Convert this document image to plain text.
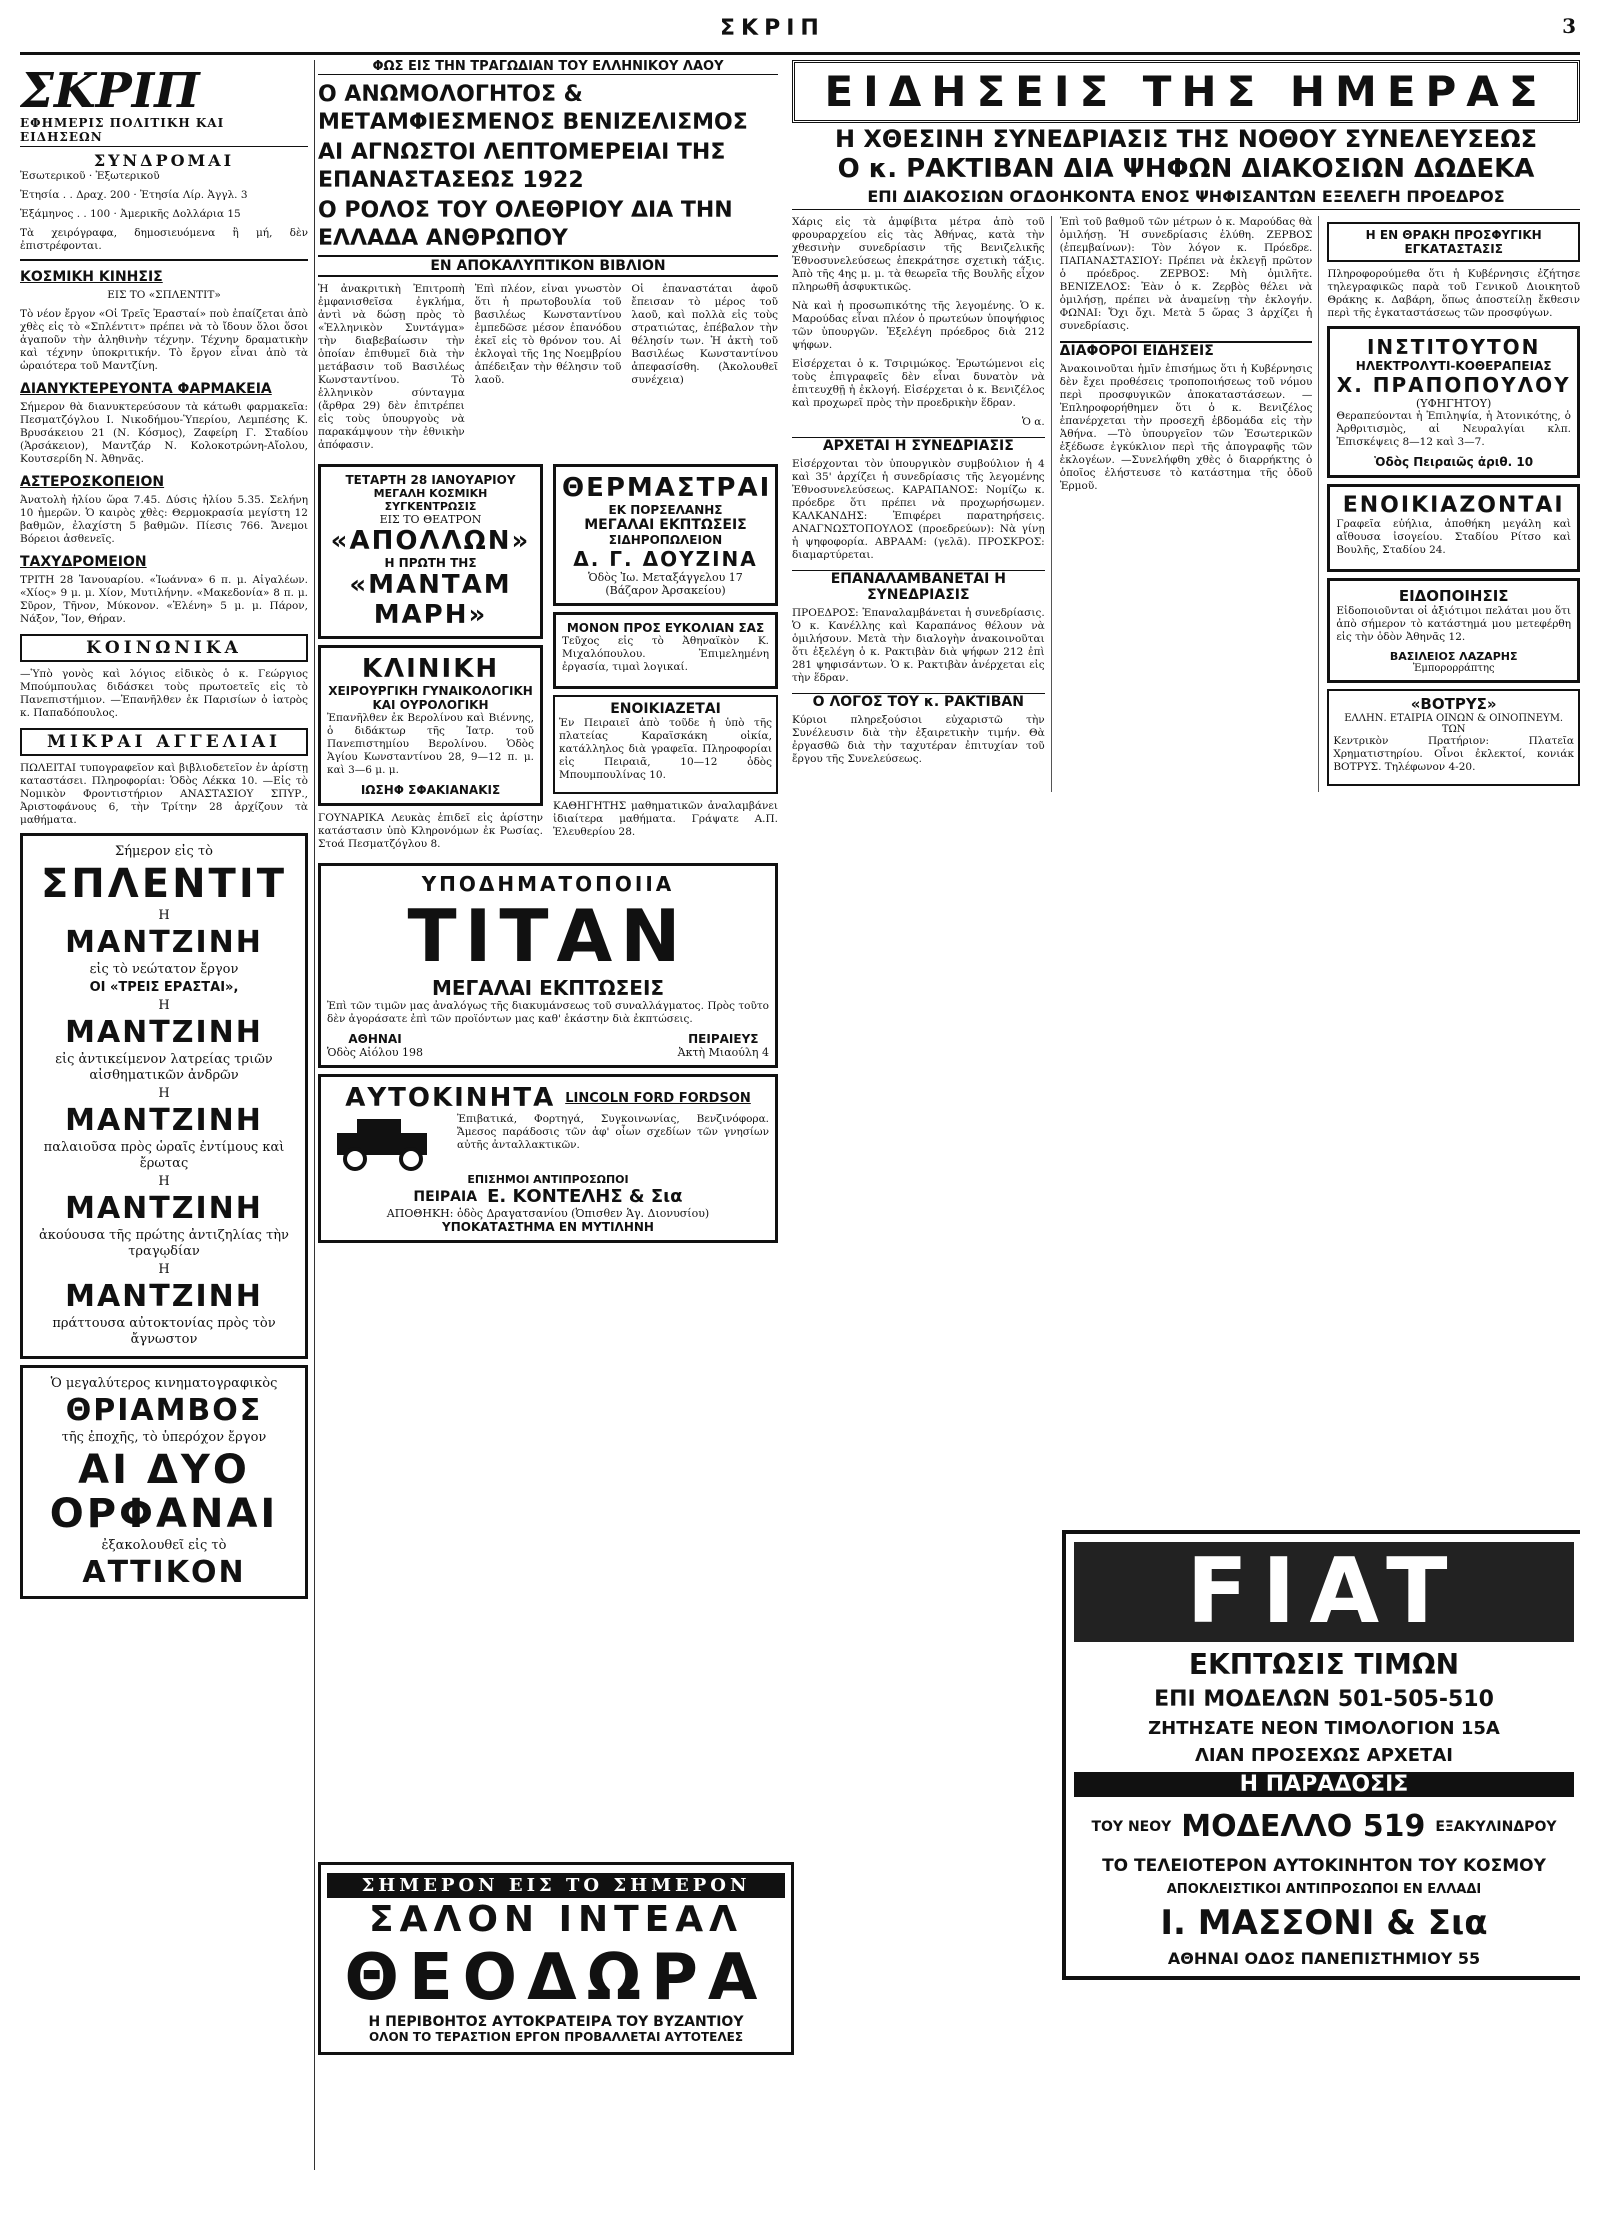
ΣΚΡΙΠ	3
ΣΚΡΙΠ
ΕΦΗΜΕΡΙΣ ΠΟΛΙΤΙΚΗ ΚΑΙ ΕΙΔΗΣΕΩΝ
ΣΥΝΔΡΟΜΑΙ
Ἐσωτερικοῦ · Ἐξωτερικοῦ
Ἐτησία . . Δραχ. 200 · Ἐτησία Λίρ. Ἀγγλ. 3
Ἑξάμηνος . . 100 · Ἀμερικῆς Δολλάρια 15
Τὰ χειρόγραφα, δημοσιευόμενα ἢ μή, δὲν ἐπιστρέφονται.
ΚΟΣΜΙΚΗ ΚΙΝΗΣΙΣ
ΕΙΣ ΤΟ «ΣΠΛΕΝΤΙΤ»

Τὸ νέον ἔργον «Οἱ Τρεῖς Ἐρασταί» ποὺ ἐπαίζεται ἀπὸ χθὲς εἰς τὸ «Σπλέντιτ» πρέπει νὰ τὸ ἴδουν ὅλοι ὅσοι ἀγαποῦν τὴν ἀληθινὴν τέχνην. Τέχνην δραματικὴν καὶ τέχνην ὑποκριτικήν. Τὸ ἔργον εἶναι ἀπὸ τὰ ὡραιότερα τοῦ Μαντζίνη.

ΔΙΑΝΥΚΤΕΡΕΥΟΝΤΑ ΦΑΡΜΑΚΕΙΑ

Σήμερον θὰ διανυκτερεύσουν τὰ κάτωθι φαρμακεῖα: Πεσματζόγλου Ι. Νικοδήμου-Ὑπερίου, Λεμπέσης Κ. Βρυσάκειου 21 (Ν. Κόσμος), Ζαφείρη Γ. Σταδίου (Ἁρσάκειον), Μαντζάρ Ν. Κολοκοτρώνη-Αἴολου, Κουτσερίδη Ν. Ἀθηνᾶς.

ΑΣΤΕΡΟΣΚΟΠΕΙΟΝ

Ἀνατολὴ ἡλίου ὥρα 7.45. Δύσις ἡλίου 5.35. Σελήνη 10 ἡμερῶν. Ὁ καιρὸς χθὲς: Θερμοκρασία μεγίστη 12 βαθμῶν, ἐλαχίστη 5 βαθμῶν. Πίεσις 766. Ἄνεμοι Βόρειοι ἀσθενεῖς.

ΤΑΧΥΔΡΟΜΕΙΟΝ

ΤΡΙΤΗ 28 Ἰανουαρίου. «Ἰωάννα» 6 π. μ. Αἰγαλέων. «Χίος» 9 μ. μ. Χίον, Μυτιλήνην. «Μακεδονία» 8 π. μ. Σῦρον, Τῆνον, Μύκονον. «Ἑλένη» 5 μ. μ. Πάρον, Νάξον, Ἴον, Θήραν.

ΚΟΙΝΩΝΙΚΑ

—Ὑπὸ γονὸς καὶ λόγιος εἰδικὸς ὁ κ. Γεώργιος Μπούμπουλας διδάσκει τοὺς πρωτοετεῖς εἰς τὸ Πανεπιστήμιον. —Ἐπανῆλθεν ἐκ Παρισίων ὁ ἰατρὸς κ. Παπαδόπουλος.

ΜΙΚΡΑΙ ΑΓΓΕΛΙΑΙ

ΠΩΛΕΙΤΑΙ τυπογραφεῖον καὶ βιβλιοδετεῖον ἐν ἀρίστῃ καταστάσει. Πληροφορίαι: Ὁδὸς Λέκκα 10. —Εἰς τὸ Νομικὸν Φροντιστήριον ΑΝΑΣΤΑΣΙΟΥ ΣΠΥΡ., Ἀριστοφάνους 6, τὴν Τρίτην 28 ἀρχίζουν τὰ μαθήματα.

Σήμερον εἰς τὸ
ΣΠΛΕΝΤΙΤ
Η
ΜΑΝΤΖΙΝΗ
εἰς τὸ νεώτατον ἔργον
ΟΙ «ΤΡΕΙΣ ΕΡΑΣΤΑΙ»,
Η
ΜΑΝΤΖΙΝΗ
εἰς ἀντικείμενον λατρείας τριῶν αἰσθηματικῶν ἀνδρῶν
Η
ΜΑΝΤΖΙΝΗ
παλαιοῦσα πρὸς ὡραῖς ἐντίμους καὶ ἔρωτας
Η
ΜΑΝΤΖΙΝΗ
ἀκούουσα τῆς πρώτης ἀντιζηλίας τὴν τραγῳδίαν
Η
ΜΑΝΤΖΙΝΗ
πράττουσα αὐτοκτονίας πρὸς τὸν ἄγνωστον
Ὁ μεγαλύτερος κινηματογραφικὸς
ΘΡΙΑΜΒΟΣ
τῆς ἐποχῆς, τὸ ὑπερόχον ἔργον
ΑΙ ΔΥΟ
ΟΡΦΑΝΑΙ
ἐξακολουθεῖ εἰς τὸ
ΑΤΤΙΚΟΝ
ΦΩΣ ΕΙΣ ΤΗΝ ΤΡΑΓΩΔΙΑΝ ΤΟΥ ΕΛΛΗΝΙΚΟΥ ΛΑΟΥ
Ο ΑΝΩΜΟΛΟΓΗΤΟΣ & ΜΕΤΑΜΦΙΕΣΜΕΝΟΣ ΒΕΝΙΖΕΛΙΣΜΟΣ
ΑΙ ΑΓΝΩΣΤΟΙ ΛΕΠΤΟΜΕΡΕΙΑΙ ΤΗΣ ΕΠΑΝΑΣΤΑΣΕΩΣ 1922
Ο ΡΟΛΟΣ ΤΟΥ ΟΛΕΘΡΙΟΥ ΔΙΑ ΤΗΝ ΕΛΛΑΔΑ ΑΝΘΡΩΠΟΥ
ΕΝ ΑΠΟΚΑΛΥΠΤΙΚΟΝ ΒΙΒΛΙΟΝ

Ἡ ἀνακριτικὴ Ἐπιτροπὴ ἐμφανισθεῖσα ἐγκλήμα, ἀντὶ νὰ δώσῃ πρὸς τὸ «Ἑλληνικὸν Συντάγμα» τὴν διαβεβαίωσιν τὴν ὁποίαν ἐπιθυμεῖ διὰ τὴν μετάβασιν τοῦ Βασιλέως Κωνσταντίνου. Τὸ ἑλληνικὸν σύνταγμα (ἄρθρα 29) δὲν ἐπιτρέπει εἰς τοὺς ὑπουργοὺς νὰ παρακάμψουν τὴν ἐθνικὴν ἀπόφασιν.

Ἐπὶ πλέον, εἶναι γνωστὸν ὅτι ἡ πρωτοβουλία τοῦ βασιλέως Κωνσταντίνου ἐμπεδῶσε μέσον ἐπανόδου ἐκεῖ εἰς τὸ θρόνον του. Αἱ ἐκλογαὶ τῆς 1ης Νοεμβρίου ἀπέδειξαν τὴν θέλησιν τοῦ λαοῦ.

Οἱ ἐπαναστάται ἀφοῦ ἔπεισαν τὸ μέρος τοῦ λαοῦ, καὶ πολλὰ εἰς τοὺς στρατιώτας, ἐπέβαλον τὴν θέλησίν των. Ἡ ἀκτὴ τοῦ Βασιλέως Κωνσταντίνου ἀπεφασίσθη. (Ἀκολουθεῖ συνέχεια)

ΤΕΤΑΡΤΗ 28 ΙΑΝΟΥΑΡΙΟΥ
ΜΕΓΑΛΗ ΚΟΣΜΙΚΗ ΣΥΓΚΕΝΤΡΩΣΙΣ
ΕΙΣ ΤΟ ΘΕΑΤΡΟΝ
«ΑΠΟΛΛΩΝ»
Η ΠΡΩΤΗ ΤΗΣ
«ΜΑΝΤΑΜ ΜΑΡΗ»
ΚΛΙΝΙΚΗ
ΧΕΙΡΟΥΡΓΙΚΗ ΓΥΝΑΙΚΟΛΟΓΙΚΗ ΚΑΙ ΟΥΡΟΛΟΓΙΚΗ

Ἐπανῆλθεν ἐκ Βερολίνου καὶ Βιέννης, ὁ διδάκτωρ τῆς Ἰατρ. τοῦ Πανεπιστημίου Βερολίνου. Ὁδὸς Ἁγίου Κωνσταντίνου 28, 9—12 π. μ. καὶ 3—6 μ. μ.

ΙΩΣΗΦ ΣΦΑΚΙΑΝΑΚΙΣ

ΓΟΥΝΑΡΙΚΑ Λευκὰς ἐπιδεῖ εἰς ἀρίστην κατάστασιν ὑπὸ Κληρονόμων ἐκ Ρωσίας. Στοά Πεσματζόγλου 8.

ΘΕΡΜΑΣΤΡΑΙ
ΕΚ ΠΟΡΣΕΛΑΝΗΣ
ΜΕΓΑΛΑΙ ΕΚΠΤΩΣΕΙΣ
ΣΙΔΗΡΟΠΩΛΕΙΟΝ
Δ. Γ. ΔΟΥΖΙΝΑ
Ὁδὸς Ἰω. Μεταξάγγελου 17 (Βάζαρον Ἀρσακείου)
ΜΟΝΟΝ ΠΡΟΣ ΕΥΚΟΛΙΑΝ ΣΑΣ

Τεῦχος εἰς τὸ Ἀθηναϊκὸν Κ. Μιχαλόπουλου. Ἐπιμελημένη ἐργασία, τιμαὶ λογικαί.

ΕΝΟΙΚΙΑΖΕΤΑΙ

Ἐν Πειραιεῖ ἀπὸ τοῦδε ἡ ὑπὸ τῆς πλατείας Καραϊσκάκη οἰκία, κατάλληλος διὰ γραφεῖα. Πληροφορίαι εἰς Πειραιᾶ, 10—12 ὁδὸς Μπουμπουλίνας 10.

ΚΑΘΗΓΗΤΗΣ μαθηματικῶν ἀναλαμβάνει ἰδιαίτερα μαθήματα. Γράψατε Α.Π. Ἐλευθερίου 28.

ΥΠΟΔΗΜΑΤΟΠΟΙΙΑ
ΤΙΤΑΝ
ΜΕΓΑΛΑΙ ΕΚΠΤΩΣΕΙΣ

Ἐπὶ τῶν τιμῶν μας ἀναλόγως τῆς διακυμάνσεως τοῦ συναλλάγματος. Πρὸς τοῦτο δὲν ἀγοράσατε ἐπὶ τῶν προϊόντων μας καθ' ἑκάστην διὰ ἐκπτώσεις.

ΑΘΗΝΑΙ
Ὁδὸς Αἰόλου 198
ΠΕΙΡΑΙΕΥΣ
Ἀκτὴ Μιαούλη 4
ΑΥΤΟΚΙΝΗΤΑ LINCOLN FORD FORDSON

Ἐπιβατικά, Φορτηγά, Συγκοινωνίας, Βενζινόφορα. Ἄμεσος παράδοσις τῶν ἀφ' οἷων σχεδίων τῶν γνησίων αὐτῆς ἀνταλλακτικῶν.

ΕΠΙΣΗΜΟΙ ΑΝΤΙΠΡΟΣΩΠΟΙ
ΠΕΙΡΑΙΑ Ε. ΚΟΝΤΕΛΗΣ & Σια
ΑΠΟΘΗΚΗ: ὁδὸς Δραγατσανίου (Ὀπισθεν Ἁγ. Διονυσίου)
ΥΠΟΚΑΤΑΣΤΗΜΑ ΕΝ ΜΥΤΙΛΗΝΗ
ΕΙΔΗΣΕΙΣ ΤΗΣ ΗΜΕΡΑΣ
Η ΧΘΕΣΙΝΗ ΣΥΝΕΔΡΙΑΣΙΣ ΤΗΣ ΝΟΘΟΥ ΣΥΝΕΛΕΥΣΕΩΣ
Ο κ. ΡΑΚΤΙΒΑΝ ΔΙΑ ΨΗΦΩΝ ΔΙΑΚΟΣΙΩΝ ΔΩΔΕΚΑ
ΕΠΙ ΔΙΑΚΟΣΙΩΝ ΟΓΔΟΗΚΟΝΤΑ ΕΝΟΣ ΨΗΦΙΣΑΝΤΩΝ ΕΞΕΛΕΓΗ ΠΡΟΕΔΡΟΣ

Χάρις εἰς τὰ ἀμφίβιτα μέτρα ἀπὸ τοῦ φρουραρχείου εἰς τὰς Ἀθήνας, κατὰ τὴν χθεσινὴν συνεδρίασιν τῆς Βενιζελικῆς Ἐθνοσυνελεύσεως ἐπεκράτησε σχετικὴ τάξις. Ἀπὸ τῆς 4ης μ. μ. τὰ θεωρεῖα τῆς Βουλῆς εἶχον πληρωθῆ ἀσφυκτικῶς.

Νὰ καὶ ἡ προσωπικότης τῆς λεγομένης. Ὁ κ. Μαρούδας εἶναι πλέον ὁ πρωτεύων ὑποψήφιος τῶν ὑπουργῶν. Ἐξελέγη πρόεδρος διὰ 212 ψήφων.

Εἰσέρχεται ὁ κ. Τσιριμώκος. Ἐρωτώμενοι εἰς τοὺς ἐπιγραφεῖς δὲν εἶναι δυνατὸν νὰ ἐπιτευχθῇ ἡ ἐκλογή. Εἰσέρχεται ὁ κ. Βενιζέλος καὶ προχωρεῖ πρὸς τὴν προεδρικὴν ἕδραν.

Ὁ α.
ΑΡΧΕΤΑΙ Η ΣΥΝΕΔΡΙΑΣΙΣ

Εἰσέρχονται τὸν ὑπουργικὸν συμβούλιον ἡ 4 καὶ 35' ἀρχίζει ἡ συνεδρίασις τῆς λεγομένης Ἐθνοσυνελεύσεως. ΚΑΡΑΠΑΝΟΣ: Νομίζω κ. πρόεδρε ὅτι πρέπει νὰ προχωρήσωμεν. ΚΑΛΚΑΝΔΗΣ: Ἐπιφέρει παρατηρήσεις. ΑΝΑΓΝΩΣΤΟΠΟΥΛΟΣ (προεδρεύων): Νὰ γίνῃ ἡ ψηφοφορία. ΑΒΡΑΑΜ: (γελᾶ). ΠΡΟΣΚΡΟΣ: διαμαρτύρεται.

ΕΠΑΝΑΛΑΜΒΑΝΕΤΑΙ Η ΣΥΝΕΔΡΙΑΣΙΣ

ΠΡΟΕΔΡΟΣ: Ἐπαναλαμβάνεται ἡ συνεδρίασις. Ὁ κ. Κανέλλης καὶ Καραπάνος θέλουν νὰ ὁμιλήσουν. Μετὰ τὴν διαλογὴν ἀνακοινοῦται ὅτι ἐξελέγη ὁ κ. Ρακτιβὰν διὰ ψήφων 212 ἐπὶ 281 ψηφισάντων. Ὁ κ. Ρακτιβὰν ἀνέρχεται εἰς τὴν ἕδραν.

Ο ΛΟΓΟΣ ΤΟΥ κ. ΡΑΚΤΙΒΑΝ

Κύριοι πληρεξούσιοι εὐχαριστῶ τὴν Συνέλευσιν διὰ τὴν ἐξαιρετικὴν τιμήν. Θὰ ἐργασθῶ διὰ τὴν ταχυτέραν ἐπιτυχίαν τοῦ ἔργου τῆς Συνελεύσεως.

Ἐπὶ τοῦ βαθμοῦ τῶν μέτρων ὁ κ. Μαρούδας θὰ ὁμιλήσῃ. Ἡ συνεδρίασις ἐλύθη. ΖΕΡΒΟΣ (ἐπεμβαίνων): Τὸν λόγον κ. Πρόεδρε. ΠΑΠΑΝΑΣΤΑΣΙΟΥ: Πρέπει νὰ ἐκλεγῇ πρῶτον ὁ πρόεδρος. ΖΕΡΒΟΣ: Μὴ ὁμιλῆτε. ΒΕΝΙΖΕΛΟΣ: Ἐὰν ὁ κ. Ζερβὸς θέλει νὰ ὁμιλήσῃ, πρέπει νὰ ἀναμείνῃ τὴν ἐκλογήν. ΦΩΝΑΙ: Ὄχι ὄχι. Μετὰ 5 ὥρας 3 ἀρχίζει ἡ συνεδρίασις.

ΔΙΑΦΟΡΟΙ ΕΙΔΗΣΕΙΣ

Ἀνακοινοῦται ἡμῖν ἐπισήμως ὅτι ἡ Κυβέρνησις δὲν ἔχει προθέσεις τροποποιήσεως τοῦ νόμου περὶ προσφυγικῶν ἀποκαταστάσεων. —Ἐπληροφορήθημεν ὅτι ὁ κ. Βενιζέλος ἐπανέρχεται τὴν προσεχῆ ἑβδομάδα εἰς τὴν Ἀθήνα. —Τὸ ὑπουργεῖον τῶν Ἐσωτερικῶν ἐξέδωσε ἐγκύκλιον περὶ τῆς ἀπογραφῆς τῶν ἐκλογέων. —Συνελήφθη χθὲς ὁ διαρρήκτης ὁ ὁποῖος ἐλήστευσε τὸ κατάστημα τῆς ὁδοῦ Ἑρμοῦ.

Η ΕΝ ΘΡΑΚΗ ΠΡΟΣΦΥΓΙΚΗ ΕΓΚΑΤΑΣΤΑΣΙΣ

Πληροφορούμεθα ὅτι ἡ Κυβέρνησις ἐζήτησε τηλεγραφικῶς παρὰ τοῦ Γενικοῦ Διοικητοῦ Θράκης κ. Δαβάρη, ὅπως ἀποστείλῃ ἔκθεσιν περὶ τῆς ἐγκαταστάσεως τῶν προσφύγων.

ΙΝΣΤΙΤΟΥΤΟΝ
ΗΛΕΚΤΡΟΛΥΤΙ-ΚΟΘΕΡΑΠΕΙΑΣ
Χ. ΠΡΑΠΟΠΟΥΛΟΥ
(ΥΦΗΓΗΤΟΥ)

Θεραπεύονται ἡ Ἐπιληψία, ἡ Ἀτονικότης, ὁ Ἀρθριτισμὸς, αἱ Νευραλγίαι κλπ. Ἐπισκέψεις 8—12 καὶ 3—7.

Ὁδὸς Πειραιῶς ἀριθ. 10
ΕΝΟΙΚΙΑΖΟΝΤΑΙ

Γραφεῖα εὐήλια, ἀποθήκη μεγάλη καὶ αἴθουσα ἰσογείου. Σταδίου Ρίτσο καὶ Βουλῆς, Σταδίου 24.

ΕΙΔΟΠΟΙΗΣΙΣ

Εἰδοποιοῦνται οἱ ἀξιότιμοι πελάται μου ὅτι ἀπὸ σήμερον τὸ κατάστημά μου μετεφέρθη εἰς τὴν ὁδὸν Ἀθηνᾶς 12.

ΒΑΣΙΛΕΙΟΣ ΛΑΖΑΡΗΣ
Ἐμπορορράπτης
«ΒΟΤΡΥΣ»
ΕΛΛΗΝ. ΕΤΑΙΡΙΑ ΟΙΝΩΝ & ΟΙΝΟΠΝΕΥΜ. ΤΩΝ

Κεντρικὸν Πρατήριον: Πλατεῖα Χρηματιστηρίου. Οἶνοι ἐκλεκτοί, κονιάκ ΒΟΤΡΥΣ. Τηλέφωνον 4-20.

FIAT
ΕΚΠΤΩΣΙΣ ΤΙΜΩΝ
ΕΠΙ ΜΟΔΕΛΩΝ 501-505-510
ΖΗΤΗΣΑΤΕ ΝΕΟΝ ΤΙΜΟΛΟΓΙΟΝ 15Α
ΛΙΑΝ ΠΡΟΣΕΧΩΣ ΑΡΧΕΤΑΙ
Η ΠΑΡΑΔΟΣΙΣ
ΤΟΥ ΝΕΟΥ ΜΟΔΕΛΛΟ 519 ΕΞΑΚΥΛΙΝΔΡΟΥ
ΤΟ ΤΕΛΕΙΟΤΕΡΟΝ ΑΥΤΟΚΙΝΗΤΟΝ ΤΟΥ ΚΟΣΜΟΥ
ΑΠΟΚΛΕΙΣΤΙΚΟΙ ΑΝΤΙΠΡΟΣΩΠΟΙ ΕΝ ΕΛΛΑΔΙ
Ι. ΜΑΣΣΟΝΙ & Σια
ΑΘΗΝΑΙ ΟΔΟΣ ΠΑΝΕΠΙΣΤΗΜΙΟΥ 55
ΣΗΜΕΡΟΝ ΕΙΣ ΤΟ ΣΗΜΕΡΟΝ
ΣΑΛΟΝ ΙΝΤΕΑΛ
ΘΕΟΔΩΡΑ
Η ΠΕΡΙΒΟΗΤΟΣ ΑΥΤΟΚΡΑΤΕΙΡΑ ΤΟΥ ΒΥΖΑΝΤΙΟΥ
ΟΛΟΝ ΤΟ ΤΕΡΑΣΤΙΟΝ ΕΡΓΟΝ ΠΡΟΒΑΛΛΕΤΑΙ ΑΥΤΟΤΕΛΕΣ
